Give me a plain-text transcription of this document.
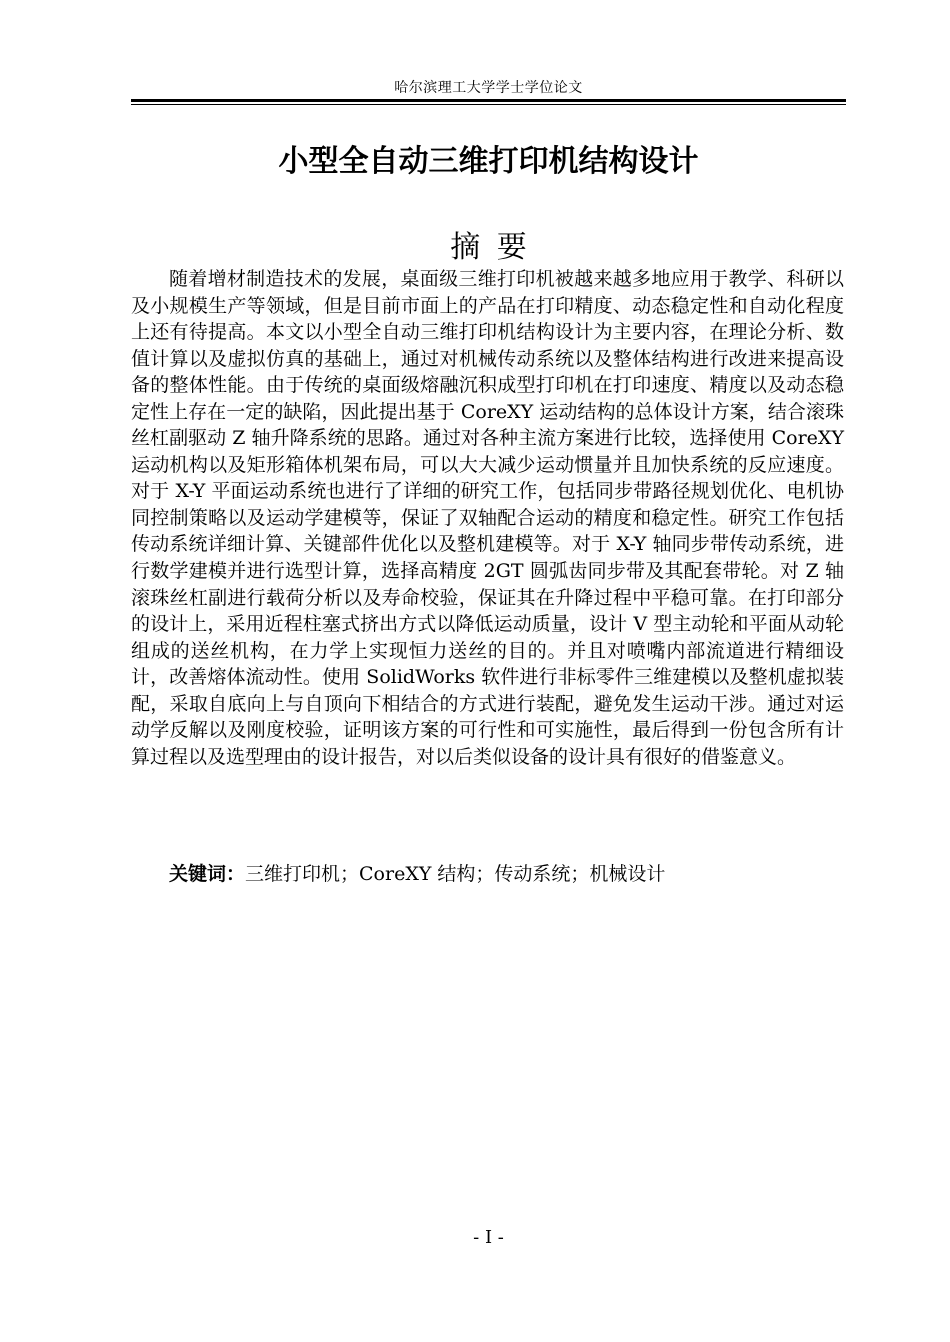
哈尔滨理工大学学士学位论文
小型全自动三维打印机结构设计
摘要

随着增材制造技术的发展，桌面级三维打印机被越来越多地应用于教学、科研以及小规模生产等领域，但是目前市面上的产品在打印精度、动态稳定性和自动化程度上还有待提高。本文以小型全自动三维打印机结构设计为主要内容，在理论分析、数值计算以及虚拟仿真的基础上，通过对机械传动系统以及整体结构进行改进来提高设备的整体性能。由于传统的桌面级熔融沉积成型打印机在打印速度、精度以及动态稳定性上存在一定的缺陷，因此提出基于 CoreXY 运动结构的总体设计方案，结合滚珠丝杠副驱动 Z 轴升降系统的思路。通过对各种主流方案进行比较，选择使用 CoreXY 运动机构以及矩形箱体机架布局，可以大大减少运动惯量并且加快系统的反应速度。对于 X-Y 平面运动系统也进行了详细的研究工作，包括同步带路径规划优化、电机协同控制策略以及运动学建模等，保证了双轴配合运动的精度和稳定性。研究工作包括传动系统详细计算、关键部件优化以及整机建模等。对于 X-Y 轴同步带传动系统，进行数学建模并进行选型计算，选择高精度 2GT 圆弧齿同步带及其配套带轮。对 Z 轴滚珠丝杠副进行载荷分析以及寿命校验，保证其在升降过程中平稳可靠。在打印部分的设计上，采用近程柱塞式挤出方式以降低运动质量，设计 V 型主动轮和平面从动轮组成的送丝机构，在力学上实现恒力送丝的目的。并且对喷嘴内部流道进行精细设计，改善熔体流动性。使用 SolidWorks 软件进行非标零件三维建模以及整机虚拟装配，采取自底向上与自顶向下相结合的方式进行装配，避免发生运动干涉。通过对运动学反解以及刚度校验，证明该方案的可行性和可实施性，最后得到一份包含所有计算过程以及选型理由的设计报告，对以后类似设备的设计具有很好的借鉴意义。

关键词：三维打印机；CoreXY 结构；传动系统；机械设计

- I -
